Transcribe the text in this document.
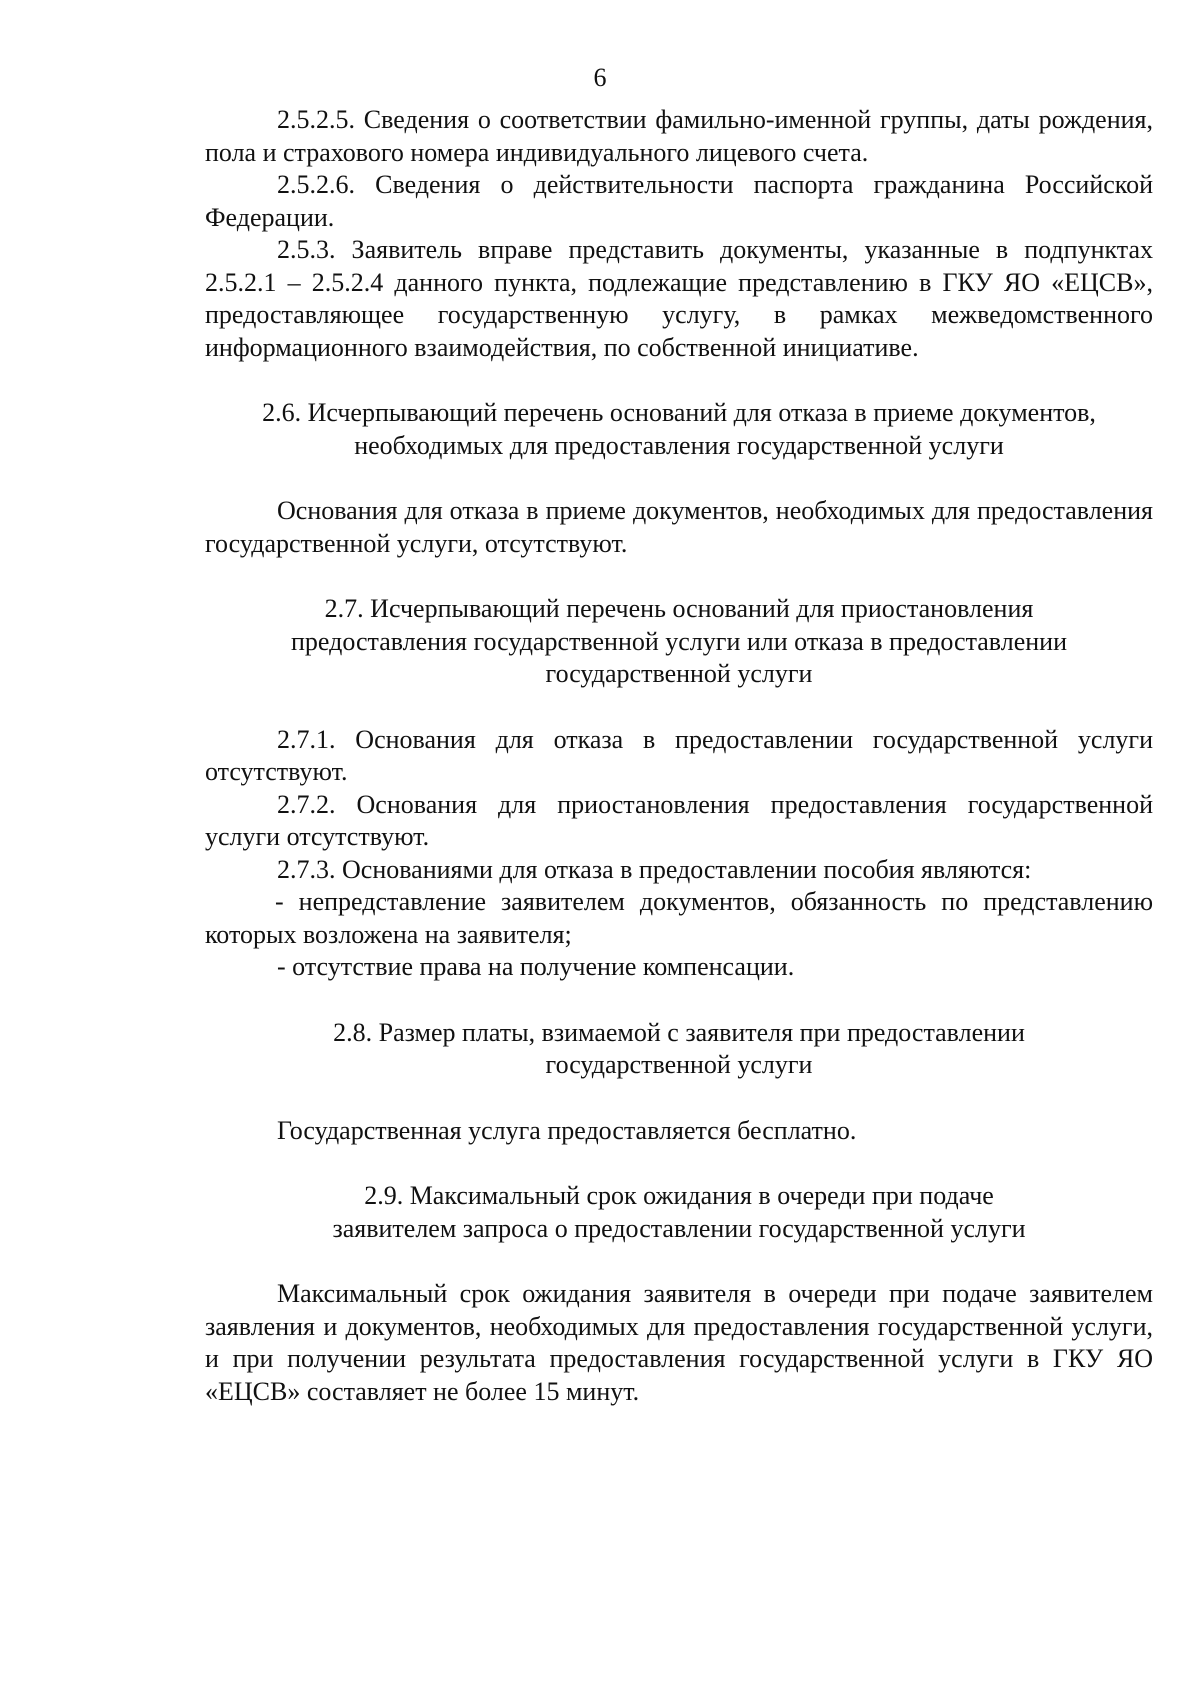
6

2.5.2.5. Сведения о соответствии фамильно-именной группы, даты рождения, пола и страхового номера индивидуального лицевого счета.

2.5.2.6. Сведения о действительности паспорта гражданина Российской Федерации.

2.5.3. Заявитель вправе представить документы, указанные в подпунктах 2.5.2.1 – 2.5.2.4 данного пункта, подлежащие представлению в ГКУ ЯО «ЕЦСВ», предоставляющее государственную услугу, в рамках межведомственного информационного взаимодействия, по собственной инициативе.

2.6. Исчерпывающий перечень оснований для отказа в приеме документов, необходимых для предоставления государственной услуги

Основания для отказа в приеме документов, необходимых для предоставления государственной услуги, отсутствуют.

2.7. Исчерпывающий перечень оснований для приостановления

предоставления государственной услуги или отказа в предоставлении

государственной услуги

2.7.1. Основания для отказа в предоставлении государственной услуги отсутствуют.

2.7.2. Основания для приостановления предоставления государственной услуги отсутствуют.

2.7.3. Основаниями для отказа в предоставлении пособия являются:

- непредставление заявителем документов, обязанность по представлению которых возложена на заявителя;

- отсутствие права на получение компенсации.

2.8. Размер платы, взимаемой с заявителя при предоставлении

государственной услуги

Государственная услуга предоставляется бесплатно.

2.9. Максимальный срок ожидания в очереди при подаче

заявителем запроса о предоставлении государственной услуги

Максимальный срок ожидания заявителя в очереди при подаче заявителем заявления и документов, необходимых для предоставления государственной услуги, и при получении результата предоставления государственной услуги в ГКУ ЯО «ЕЦСВ» составляет не более 15 минут.
